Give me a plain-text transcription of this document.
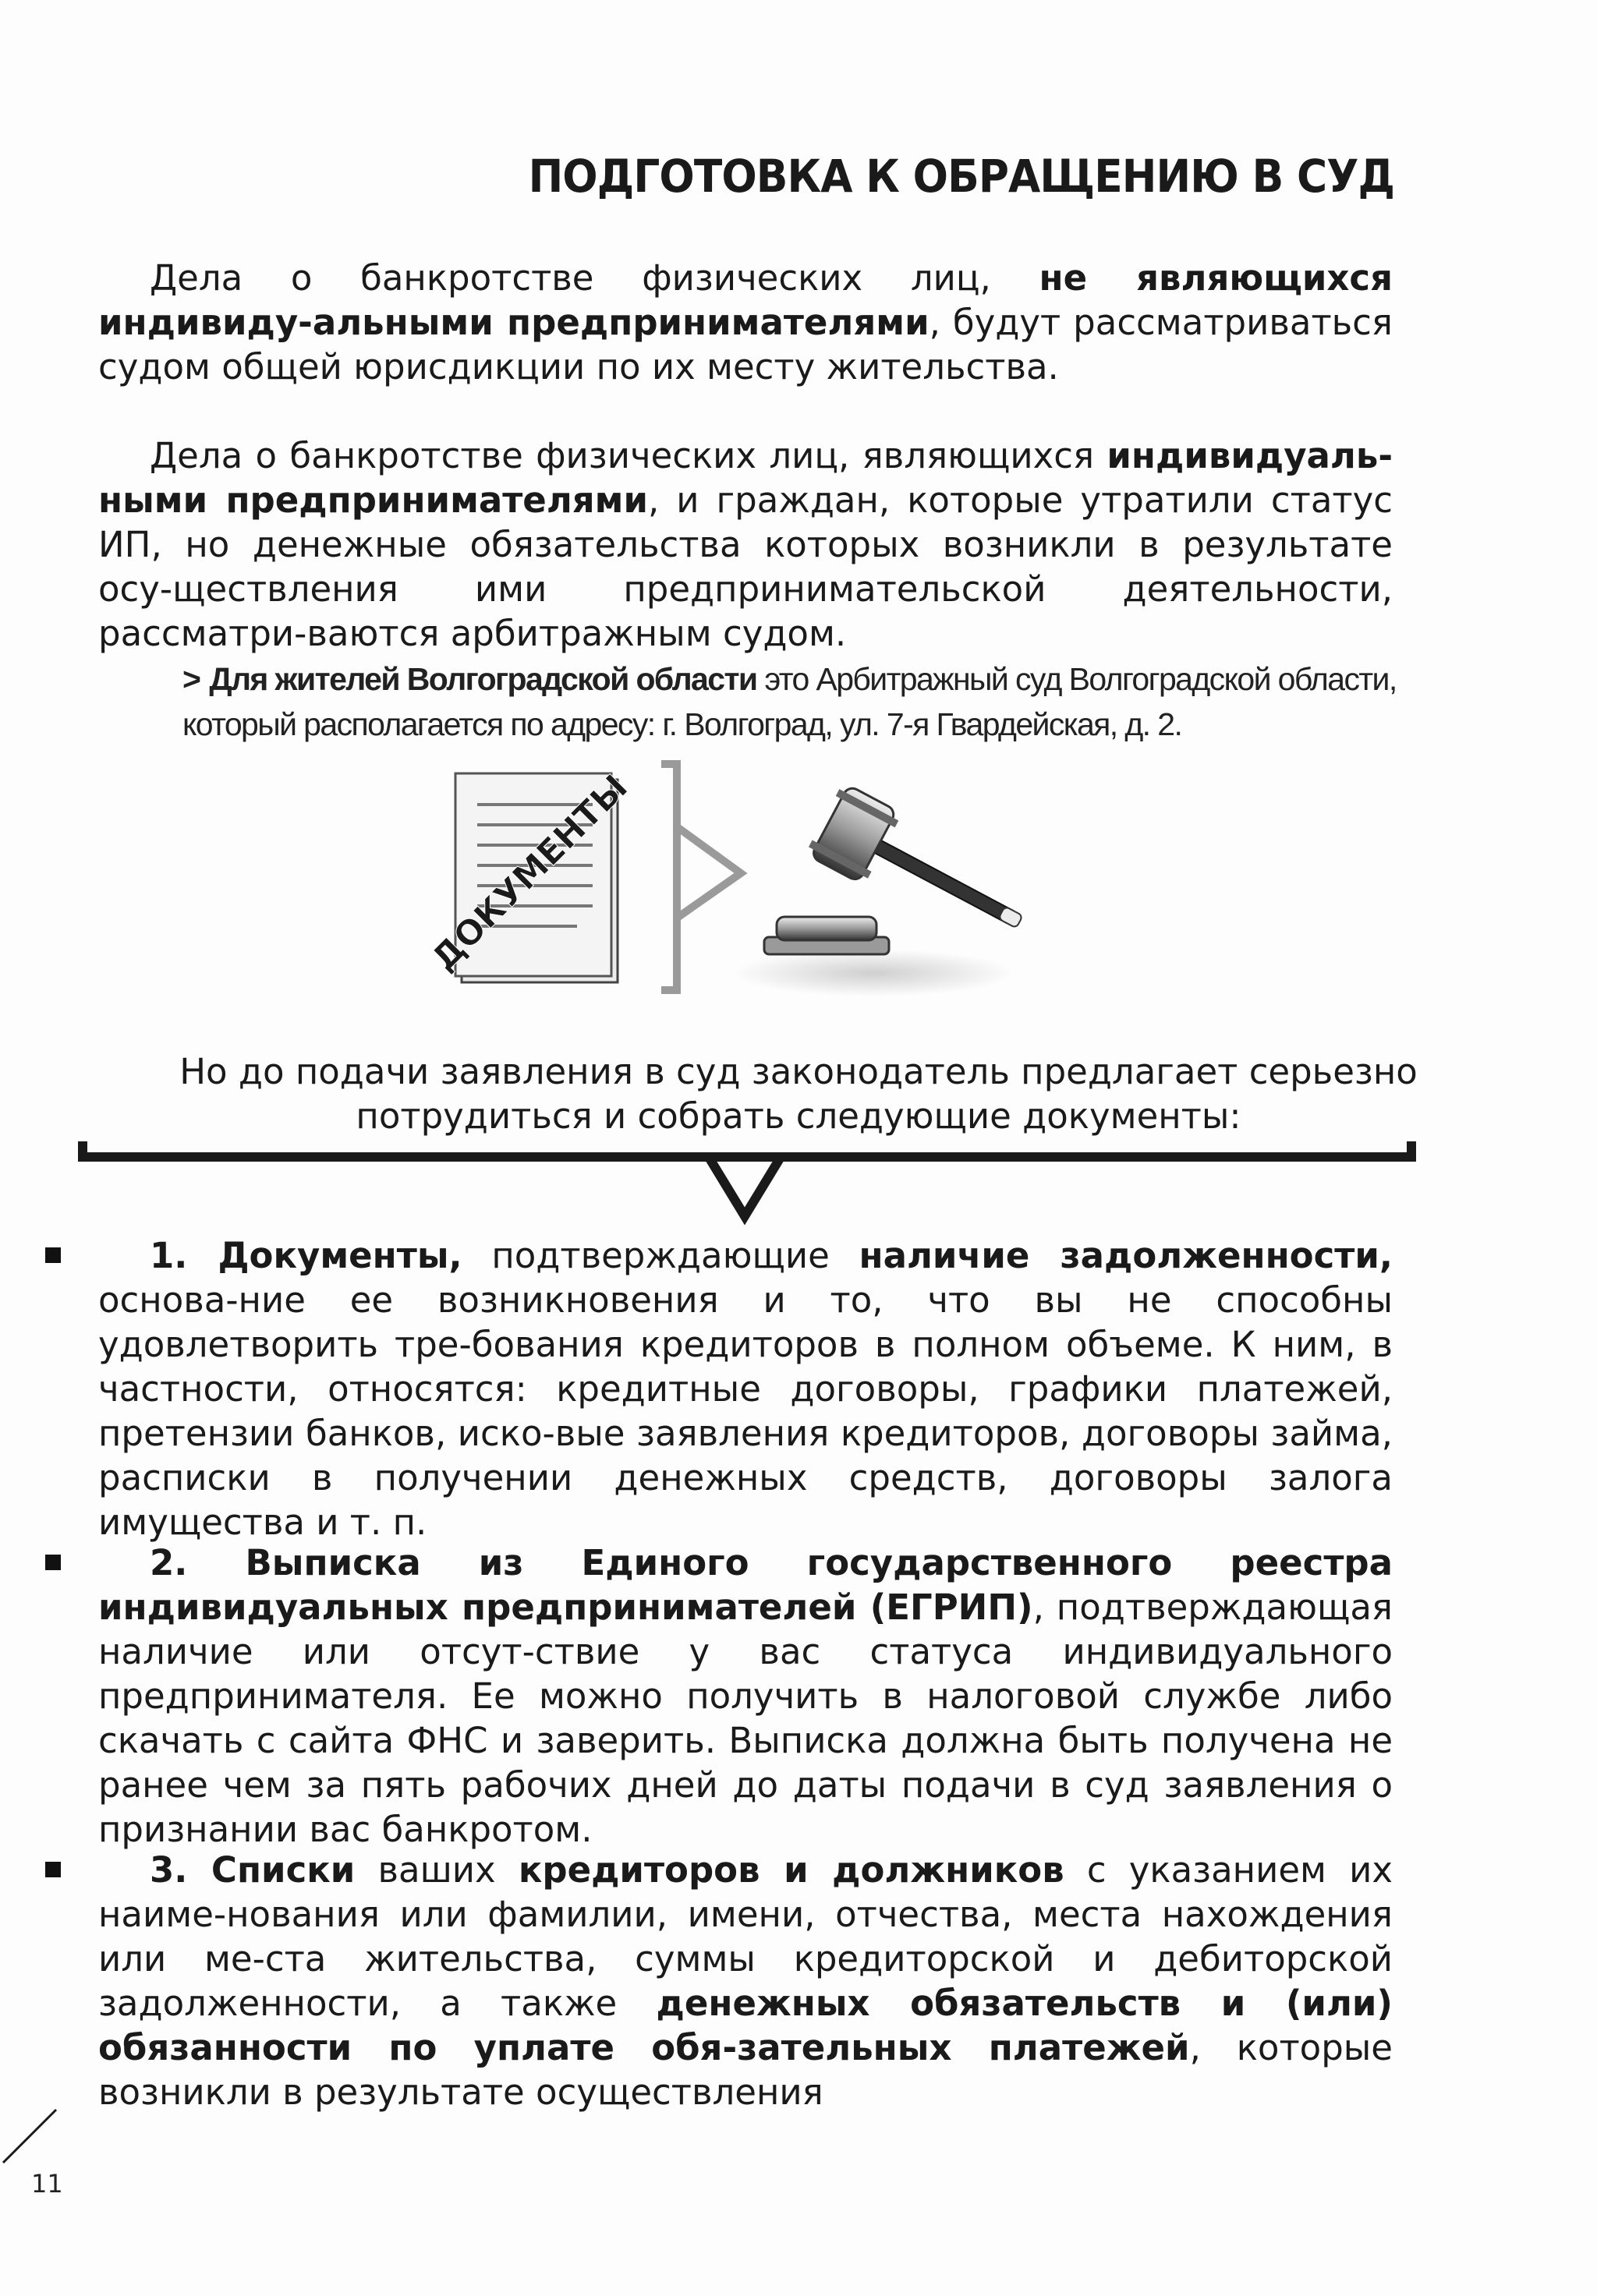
ПОДГОТОВКА К ОБРАЩЕНИЮ В СУД

Дела о банкротстве физических лиц, не являющихся индивиду-альными предпринимателями, будут рассматриваться судом общей юрисдикции по их месту жительства.

Дела о банкротстве физических лиц, являющихся индивидуаль-ными предпринимателями, и граждан, которые утратили статус ИП, но денежные обязательства которых возникли в результате осу-ществления ими предпринимательской деятельности, рассматри-ваются арбитражным судом.

> Для жителей Волгоградской области это Арбитражный суд Волгоградской области, который располагается по адресу: г. Волгоград, ул. 7-я Гвардейская, д. 2.

ДОКУМЕНТЫ

Но до подачи заявления в суд законодатель предлагает серьезно
потрудиться и собрать следующие документы:

1. Документы, подтверждающие наличие задолженности, основа-ние ее возникновения и то, что вы не способны удовлетворить тре-бования кредиторов в полном объеме. К ним, в частности, относятся: кредитные договоры, графики платежей, претензии банков, иско-вые заявления кредиторов, договоры займа, расписки в получении денежных средств, договоры залога имущества и т. п.

2. Выписка из Единого государственного реестра индивидуальных предпринимателей (ЕГРИП), подтверждающая наличие или отсут-ствие у вас статуса индивидуального предпринимателя. Ее можно получить в налоговой службе либо скачать с сайта ФНС и заверить. Выписка должна быть получена не ранее чем за пять рабочих дней до даты подачи в суд заявления о признании вас банкротом.

3. Списки ваших кредиторов и должников с указанием их наиме-нования или фамилии, имени, отчества, места нахождения или ме-ста жительства, суммы кредиторской и дебиторской задолженности, а также денежных обязательств и (или) обязанности по уплате обя-зательных платежей, которые возникли в результате осуществления

11
